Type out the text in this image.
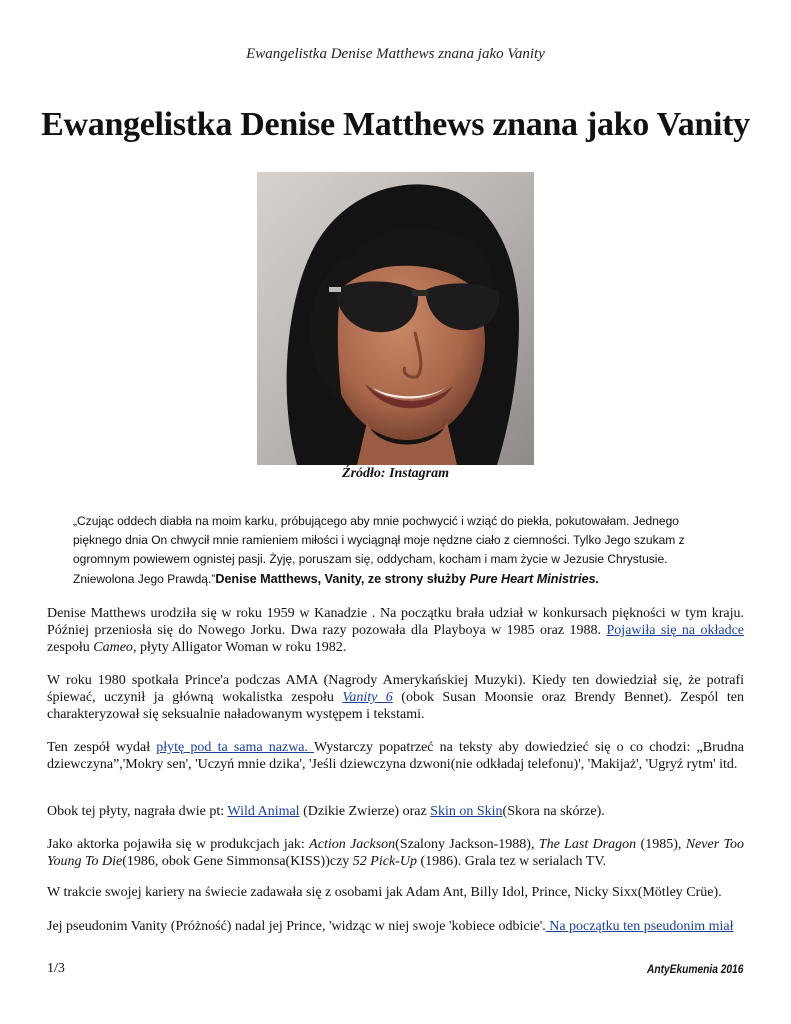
Ewangelistka Denise Matthews znana jako Vanity
Ewangelistka Denise Matthews znana jako Vanity
Źródło: Instagram
„Czując oddech diabła na moim karku, próbującego aby mnie pochwycić i wziąć do piekła, pokutowałam. Jednego pięknego dnia On chwycił mnie ramieniem miłości i wyciągnął moje nędzne ciało z ciemności. Tylko Jego szukam z ogromnym powiewem ognistej pasji. Żyję, poruszam się, oddycham, kocham i mam życie w Jezusie Chrystusie. Zniewolona Jego Prawdą.”Denise Matthews, Vanity, ze strony służby Pure Heart Ministries.
Denise Matthews urodziła się w roku 1959 w Kanadzie . Na początku brała udział w konkursach piękności w tym kraju. Później przeniosła się do Nowego Jorku. Dwa razy pozowała dla Playboya w 1985 oraz 1988. Pojawiła się na okładce zespołu Cameo, płyty Alligator Woman w roku 1982.
W roku 1980 spotkała Prince'a podczas AMA (Nagrody Amerykańskiej Muzyki). Kiedy ten dowiedział się, że potrafi śpiewać, uczynił ja główną wokalistka zespołu Vanity 6 (obok Susan Moonsie oraz Brendy Bennet). Zespól ten charakteryzował się seksualnie naładowanym występem i tekstami.
Ten zespół wydał płytę pod ta sama nazwa. Wystarczy popatrzeć na teksty aby dowiedzieć się o co chodzi: „Brudna dziewczyna”,'Mokry sen', 'Uczyń mnie dzika', 'Jeśli dziewczyna dzwoni(nie odkładaj telefonu)', 'Makijaż', 'Ugryź rytm' itd.
Obok tej płyty, nagrała dwie pt: Wild Animal (Dzikie Zwierze) oraz Skin on Skin(Skora na skórze).
Jako aktorka pojawiła się w produkcjach jak: Action Jackson(Szalony Jackson-1988), The Last Dragon (1985), Never Too Young To Die(1986, obok Gene Simmonsa(KISS))czy 52 Pick-Up (1986). Grala tez w serialach TV.
W trakcie swojej kariery na świecie zadawała się z osobami jak Adam Ant, Billy Idol, Prince, Nicky Sixx(Mötley Crüe).
Jej pseudonim Vanity (Próżność) nadal jej Prince, 'widząc w niej swoje 'kobiece odbicie'. Na początku ten pseudonim miał
1/3	AntyEkumenia 2016
